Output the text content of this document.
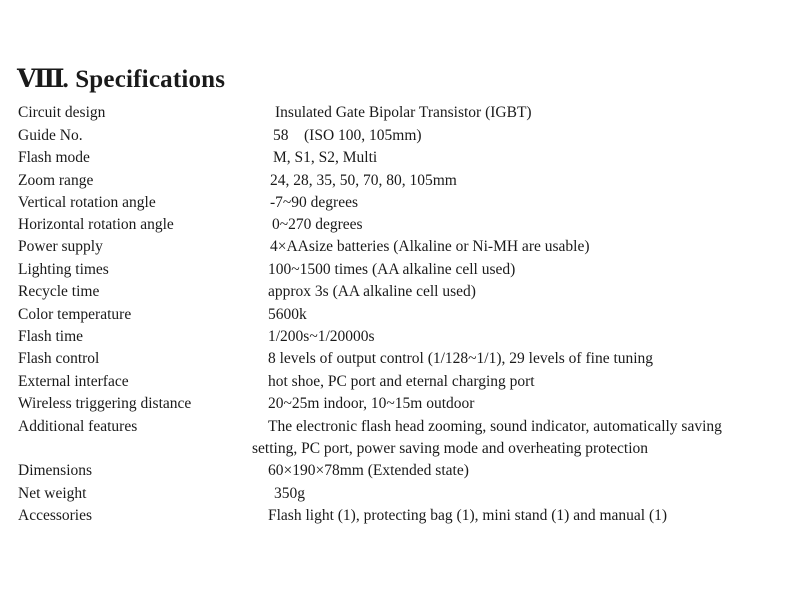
Ⅷ. Specifications
Circuit design	Insulated Gate Bipolar Transistor (IGBT)
Guide No.	58    (ISO 100, 105mm)
Flash mode	M, S1, S2, Multi
Zoom range	24, 28, 35, 50, 70, 80, 105mm
Vertical rotation angle	-7~90 degrees
Horizontal rotation angle	0~270 degrees
Power supply	4×AAsize batteries (Alkaline or Ni-MH are usable)
Lighting times	100~1500 times (AA alkaline cell used)
Recycle time	approx 3s (AA alkaline cell used)
Color temperature	5600k
Flash time	1/200s~1/20000s
Flash control	8 levels of output control (1/128~1/1), 29 levels of fine tuning
External interface	hot shoe, PC port and eternal charging port
Wireless triggering distance	20~25m indoor, 10~15m outdoor
Additional features	The electronic flash head zooming, sound indicator, automatically saving
setting, PC port, power saving mode and overheating protection
Dimensions	60×190×78mm (Extended state)
Net weight	350g
Accessories	Flash light (1), protecting bag (1), mini stand (1) and manual (1)
